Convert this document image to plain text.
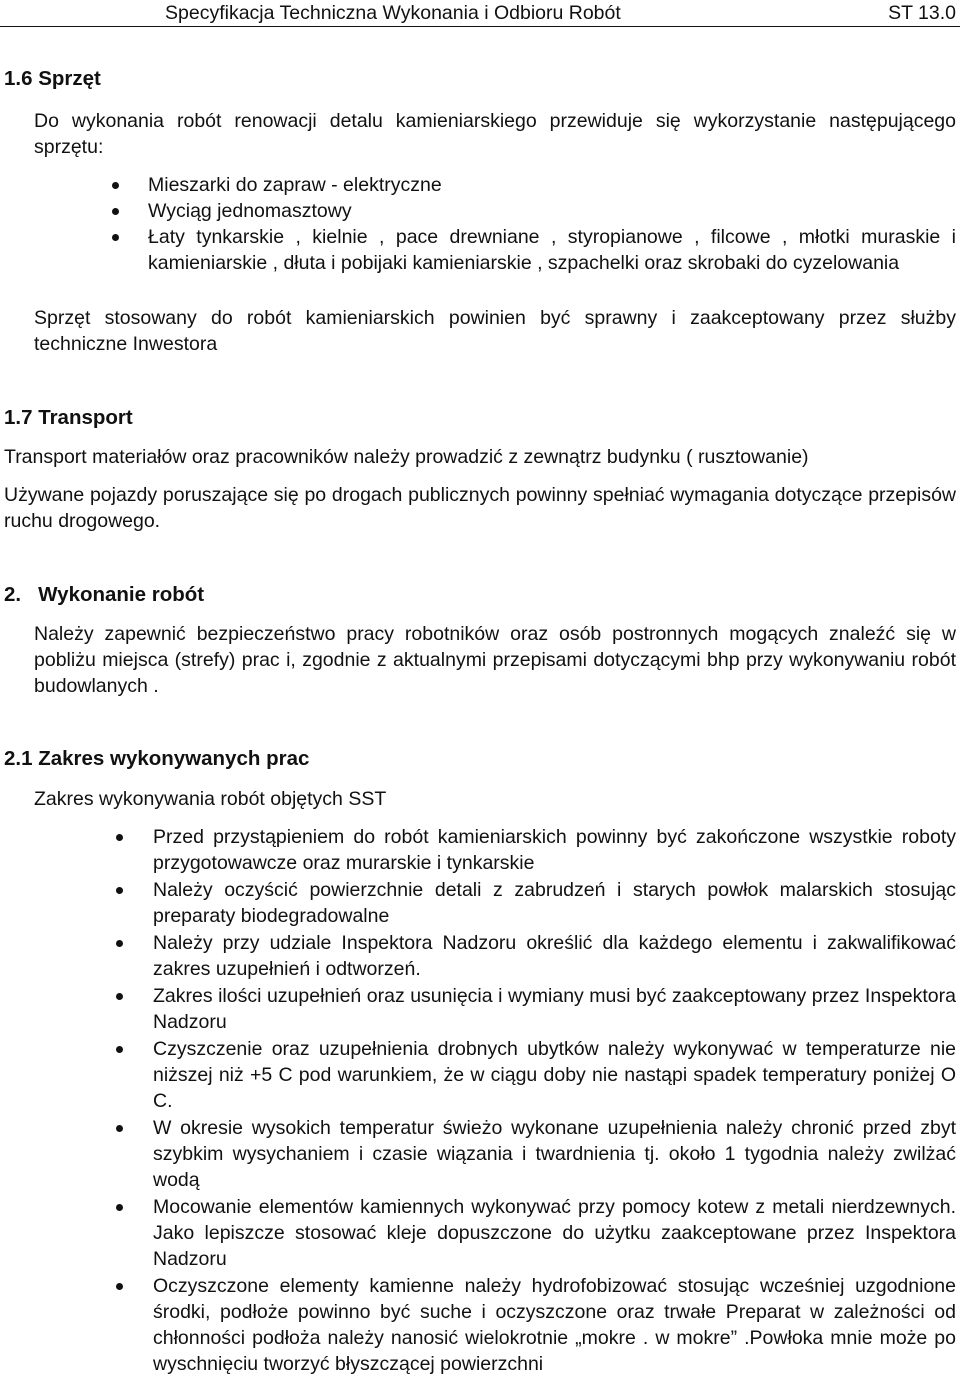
Specyfikacja Techniczna Wykonania i Odbioru Robót	ST 13.0
1.6 Sprzęt

Do wykonania robót renowacji detalu kamieniarskiego przewiduje się wykorzystanie następującego sprzętu:

Mieszarki do zapraw - elektryczne
Wyciąg jednomasztowy
Łaty tynkarskie , kielnie , pace drewniane , styropianowe , filcowe , młotki muraskie i kamieniarskie , dłuta i pobijaki kamieniarskie , szpachelki oraz skrobaki do cyzelowania

Sprzęt stosowany do robót kamieniarskich powinien być sprawny i zaakceptowany przez służby techniczne Inwestora

1.7 Transport

Transport materiałów oraz pracowników należy prowadzić z zewnątrz budynku ( rusztowanie)

Używane pojazdy poruszające się po drogach publicznych powinny spełniać wymagania dotyczące przepisów ruchu drogowego.

2.   Wykonanie robót

Należy zapewnić bezpieczeństwo pracy robotników oraz osób postronnych mogących znaleźć się w pobliżu miejsca (strefy) prac i, zgodnie z aktualnymi przepisami dotyczącymi bhp przy wykonywaniu robót budowlanych .

2.1 Zakres wykonywanych prac

Zakres wykonywania robót objętych SST

Przed przystąpieniem do robót kamieniarskich powinny być zakończone wszystkie roboty przygotowawcze oraz murarskie i tynkarskie
Należy oczyścić powierzchnie detali z zabrudzeń i starych powłok malarskich stosując preparaty biodegradowalne
Należy przy udziale Inspektora Nadzoru określić dla każdego elementu i zakwalifikować zakres uzupełnień i odtworzeń.
Zakres ilości uzupełnień oraz usunięcia i wymiany musi być zaakceptowany przez Inspektora Nadzoru
Czyszczenie oraz uzupełnienia drobnych ubytków należy wykonywać w temperaturze nie niższej niż +5 C pod warunkiem, że w ciągu doby nie nastąpi spadek temperatury poniżej O C.
W okresie wysokich temperatur świeżo wykonane uzupełnienia należy chronić przed zbyt szybkim wysychaniem i czasie wiązania i twardnienia tj. około 1 tygodnia należy zwilżać wodą
Mocowanie elementów kamiennych wykonywać przy pomocy kotew z metali nierdzewnych. Jako lepiszcze stosować kleje dopuszczone do użytku zaakceptowane przez Inspektora Nadzoru
Oczyszczone elementy kamienne należy hydrofobizować stosując wcześniej uzgodnione środki, podłoże powinno być suche i oczyszczone oraz trwałe Preparat w zależności od chłonności podłoża należy nanosić wielokrotnie „mokre . w mokre” .Powłoka mnie może po wyschnięciu tworzyć błyszczącej powierzchni
